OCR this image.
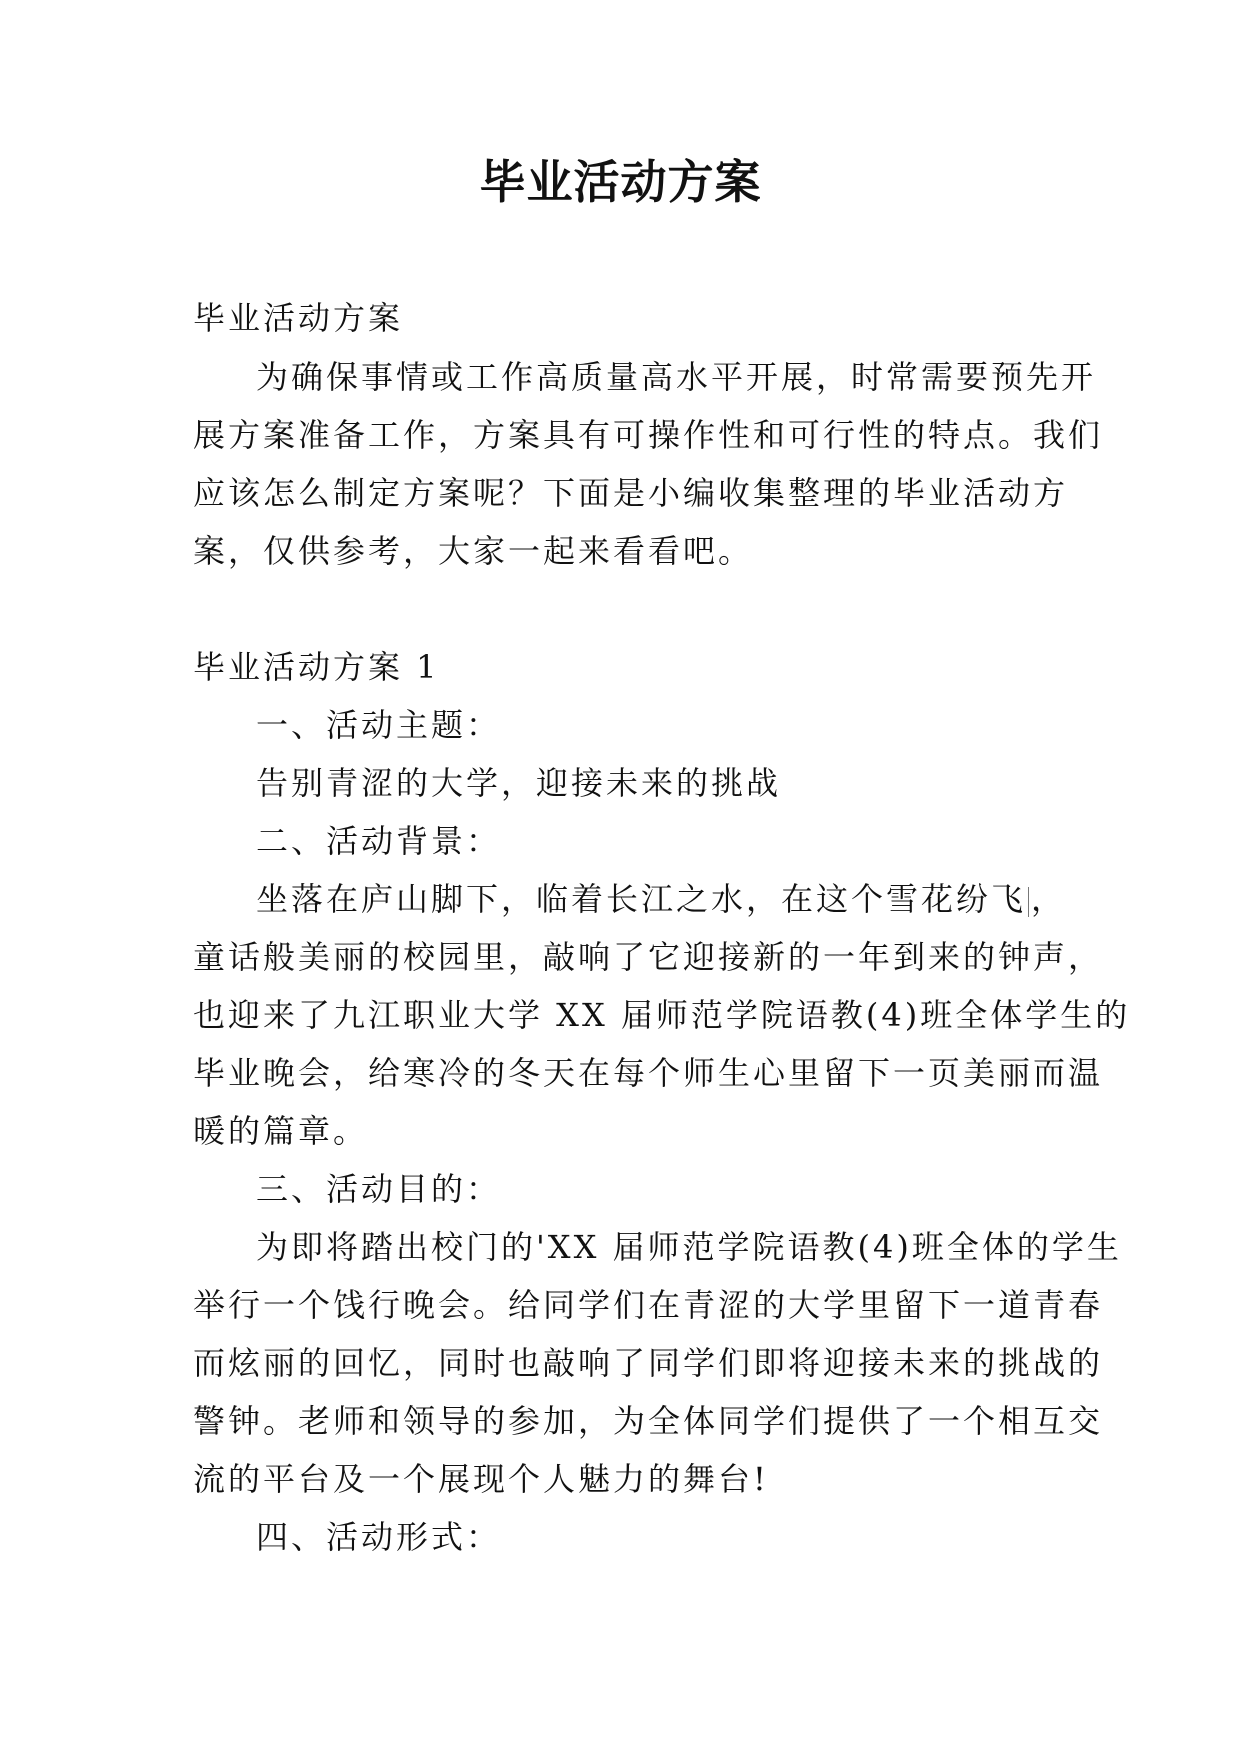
毕业活动方案

毕业活动方案

为确保事情或工作高质量高水平开展，时常需要预先开

展方案准备工作，方案具有可操作性和可行性的特点。我们

应该怎么制定方案呢？下面是小编收集整理的毕业活动方

案，仅供参考，大家一起来看看吧。

毕业活动方案 1

一、活动主题：

告别青涩的大学，迎接未来的挑战

二、活动背景：

坐落在庐山脚下，临着长江之水，在这个雪花纷飞 ，

童话般美丽的校园里，敲响了它迎接新的一年到来的钟声，

也迎来了九江职业大学 XX 届师范学院语教(4)班全体学生的

毕业晚会，给寒冷的冬天在每个师生心里留下一页美丽而温

暖的篇章。

三、活动目的：

为即将踏出校门的'XX 届师范学院语教(4)班全体的学生

举行一个饯行晚会。给同学们在青涩的大学里留下一道青春

而炫丽的回忆，同时也敲响了同学们即将迎接未来的挑战的

警钟。老师和领导的参加，为全体同学们提供了一个相互交

流的平台及一个展现个人魅力的舞台!

四、活动形式：
